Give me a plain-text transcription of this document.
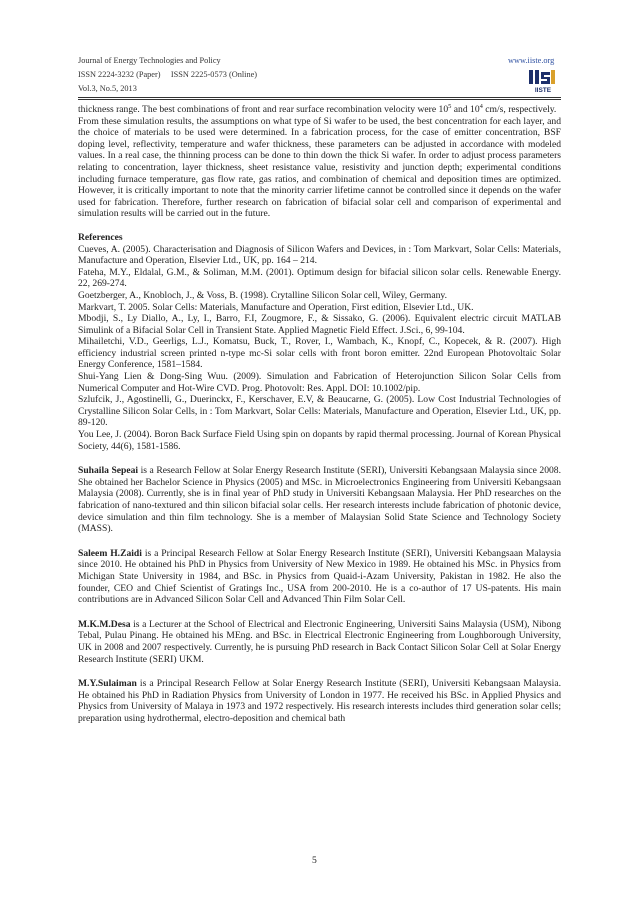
Journal of Energy Technologies and Policy
ISSN 2224-3232 (Paper) ISSN 2225-0573 (Online)
Vol.3, No.5, 2013
www.iiste.org
IISTE

thickness range. The best combinations of front and rear surface recombination velocity were $10^5$ and $10^4$ cm/s, respectively.

From these simulation results, the assumptions on what type of Si wafer to be used, the best concentration for each layer, and the choice of materials to be used were determined. In a fabrication process, for the case of emitter concentration, BSF doping level, reflectivity, temperature and wafer thickness, these parameters can be adjusted in accordance with modeled values. In a real case, the thinning process can be done to thin down the thick Si wafer. In order to adjust process parameters relating to concentration, layer thickness, sheet resistance value, resistivity and junction depth; experimental conditions including furnace temperature, gas flow rate, gas ratios, and combination of chemical and deposition times are optimized. However, it is critically important to note that the minority carrier lifetime cannot be controlled since it depends on the wafer used for fabrication. Therefore, further research on fabrication of bifacial solar cell and comparison of experimental and simulation results will be carried out in the future.

References

Cueves, A. (2005). Characterisation and Diagnosis of Silicon Wafers and Devices, in : Tom Markvart, Solar Cells: Materials, Manufacture and Operation, Elsevier Ltd., UK, pp. 164 – 214.

Fateha, M.Y., Eldalal, G.M., & Soliman, M.M. (2001). Optimum design for bifacial silicon solar cells. Renewable Energy. 22, 269-274.

Goetzberger, A., Knobloch, J., & Voss, B. (1998). Crytalline Silicon Solar cell, Wiley, Germany.

Markvart, T. 2005. Solar Cells: Materials, Manufacture and Operation, First edition, Elsevier Ltd., UK.

Mbodji, S., Ly Diallo, A., Ly, I., Barro, F.I, Zougmore, F., & Sissako, G. (2006). Equivalent electric circuit MATLAB Simulink of a Bifacial Solar Cell in Transient State. Applied Magnetic Field Effect. J.Sci., 6, 99-104.

Mihailetchi, V.D., Geerligs, L.J., Komatsu, Buck, T., Rover, I., Wambach, K., Knopf, C., Kopecek, & R. (2007). High efficiency industrial screen printed n-type mc-Si solar cells with front boron emitter. 22nd European Photovoltaic Solar Energy Conference, 1581–1584.

Shui-Yang Lien & Dong-Sing Wuu. (2009). Simulation and Fabrication of Heterojunction Silicon Solar Cells from Numerical Computer and Hot-Wire CVD. Prog. Photovolt: Res. Appl. DOI: 10.1002/pip.

Szlufcik, J., Agostinelli, G., Duerinckx, F., Kerschaver, E.V, & Beaucarne, G. (2005). Low Cost Industrial Technologies of Crystalline Silicon Solar Cells, in : Tom Markvart, Solar Cells: Materials, Manufacture and Operation, Elsevier Ltd., UK, pp. 89-120.

You Lee, J. (2004). Boron Back Surface Field Using spin on dopants by rapid thermal processing. Journal of Korean Physical Society, 44(6), 1581-1586.

Suhaila Sepeai is a Research Fellow at Solar Energy Research Institute (SERI), Universiti Kebangsaan Malaysia since 2008. She obtained her Bachelor Science in Physics (2005) and MSc. in Microelectronics Engineering from Universiti Kebangsaan Malaysia (2008). Currently, she is in final year of PhD study in Universiti Kebangsaan Malaysia. Her PhD researches on the fabrication of nano-textured and thin silicon bifacial solar cells. Her research interests include fabrication of photonic device, device simulation and thin film technology. She is a member of Malaysian Solid State Science and Technology Society (MASS).

Saleem H.Zaidi is a Principal Research Fellow at Solar Energy Research Institute (SERI), Universiti Kebangsaan Malaysia since 2010. He obtained his PhD in Physics from University of New Mexico in 1989. He obtained his MSc. in Physics from Michigan State University in 1984, and BSc. in Physics from Quaid-i-Azam University, Pakistan in 1982. He also the founder, CEO and Chief Scientist of Gratings Inc., USA from 200-2010. He is a co-author of 17 US-patents. His main contributions are in Advanced Silicon Solar Cell and Advanced Thin Film Solar Cell.

M.K.M.Desa is a Lecturer at the School of Electrical and Electronic Engineering, Universiti Sains Malaysia (USM), Nibong Tebal, Pulau Pinang. He obtained his MEng. and BSc. in Electrical Electronic Engineering from Loughborough University, UK in 2008 and 2007 respectively. Currently, he is pursuing PhD research in Back Contact Silicon Solar Cell at Solar Energy Research Institute (SERI) UKM.

M.Y.Sulaiman is a Principal Research Fellow at Solar Energy Research Institute (SERI), Universiti Kebangsaan Malaysia. He obtained his PhD in Radiation Physics from University of London in 1977. He received his BSc. in Applied Physics and Physics from University of Malaya in 1973 and 1972 respectively. His research interests includes third generation solar cells; preparation using hydrothermal, electro-deposition and chemical bath

5
